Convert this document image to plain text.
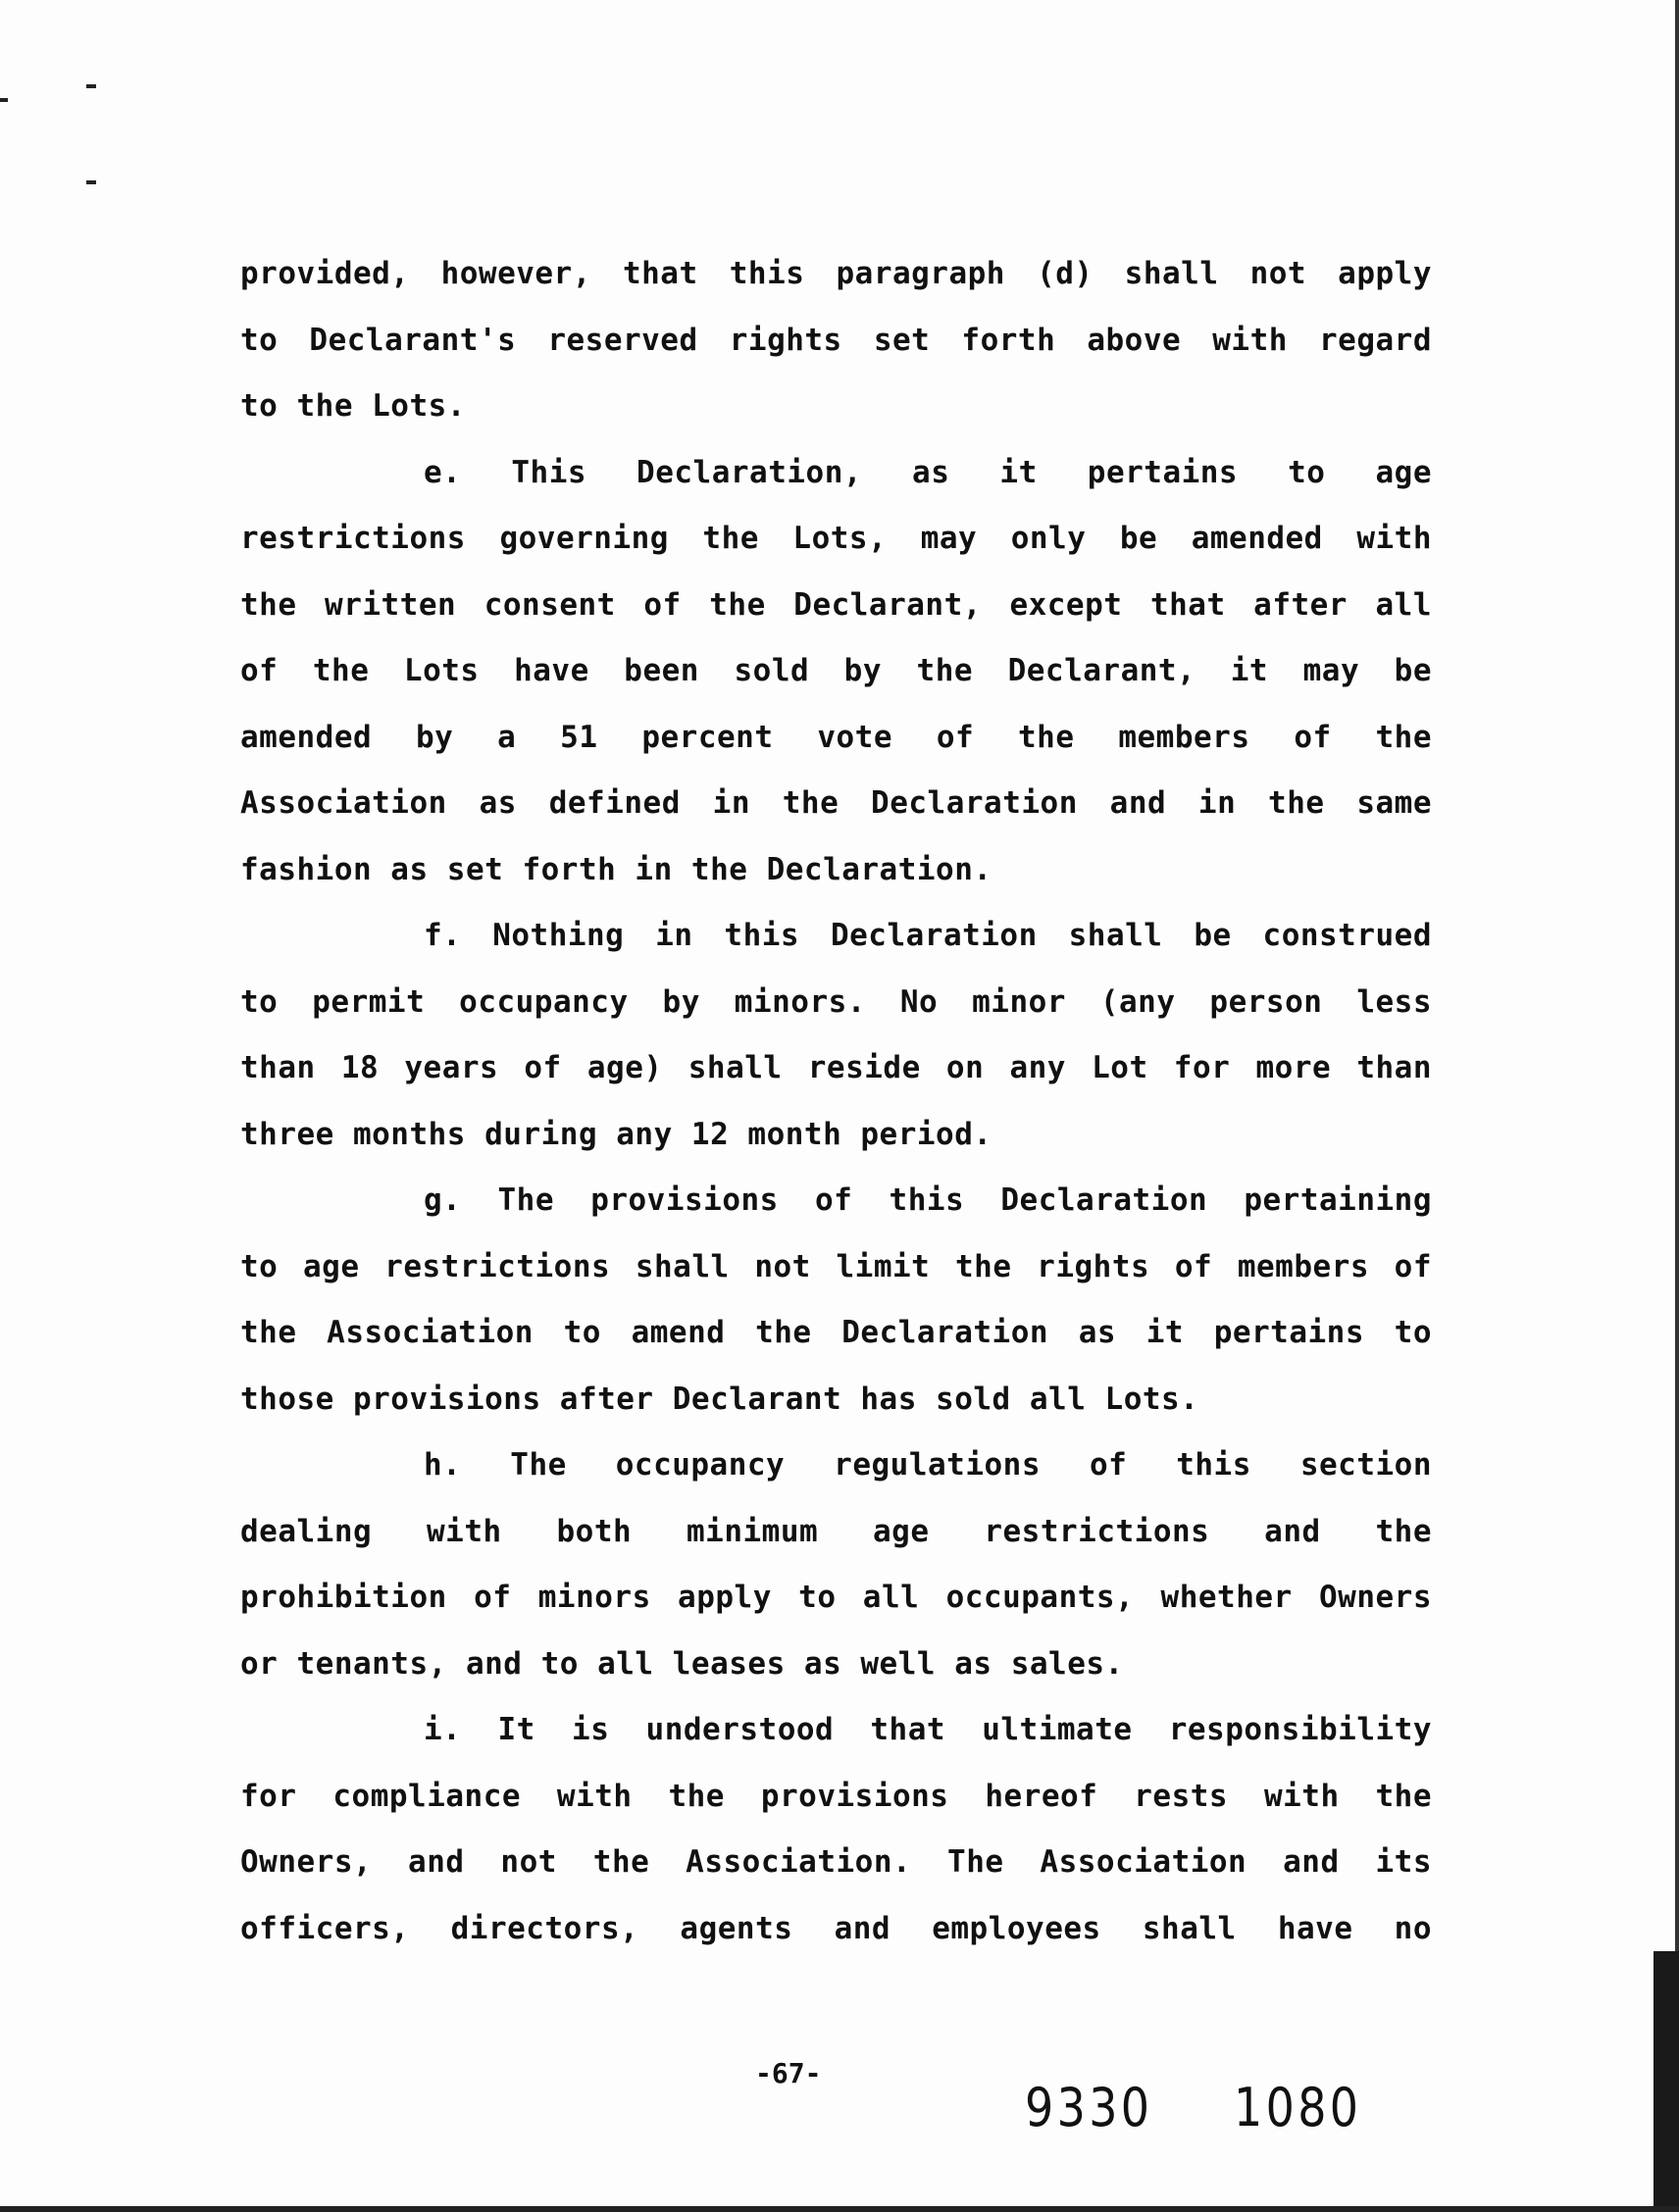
provided, however, that this paragraph (d) shall not apply
to Declarant's reserved rights set forth above with regard
to the Lots.
e. This Declaration, as it pertains to age
restrictions governing the Lots, may only be amended with
the written consent of the Declarant, except that after all
of the Lots have been sold by the Declarant, it may be
amended by a 51 percent vote of the members of the
Association as defined in the Declaration and in the same
fashion as set forth in the Declaration.
f. Nothing in this Declaration shall be construed
to permit occupancy by minors. No minor (any person less
than 18 years of age) shall reside on any Lot for more than
three months during any 12 month period.
g. The provisions of this Declaration pertaining
to age restrictions shall not limit the rights of members of
the Association to amend the Declaration as it pertains to
those provisions after Declarant has sold all Lots.
h. The occupancy regulations of this section
dealing with both minimum age restrictions and the
prohibition of minors apply to all occupants, whether Owners
or tenants, and to all leases as well as sales.
i. It is understood that ultimate responsibility
for compliance with the provisions hereof rests with the
Owners, and not the Association. The Association and its
officers, directors, agents and employees shall have no
-67-
9330 1080
